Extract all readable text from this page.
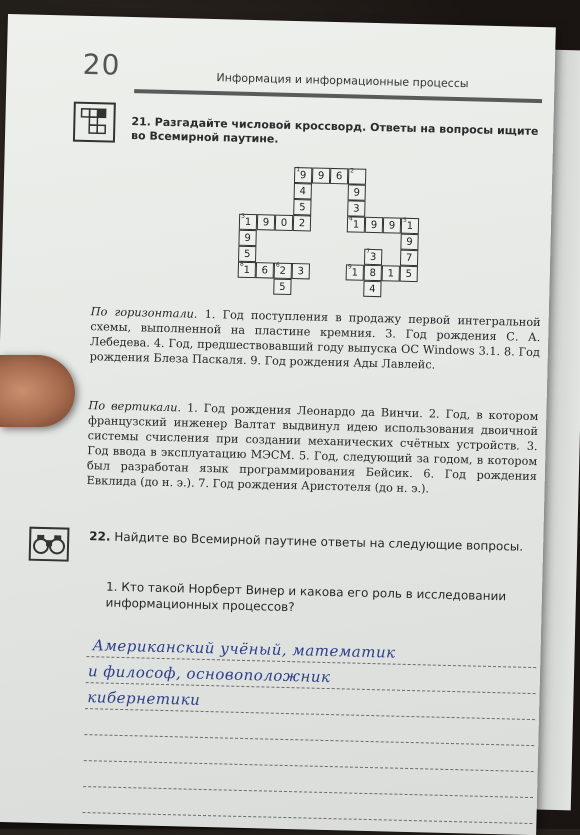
20	Информация и информационные процессы
21. Разгадайте числовой кроссворд. Ответы на вопросы ищите во Всемирной паутине.
1
9	9	6
2
4	9
5	3
2
3
1	9	0	4
1	9	9
5
1
9	9
5	7
3	7
8
1	6
6
2	3	9
1	8	1	5
5	4
По горизонтали. 1. Год поступления в продажу первой интегральной схемы, выполненной на пластине кремния. 3. Год рождения С. А. Лебедева. 4. Год, предшествовавший году выпуска ОС Windows 3.1. 8. Год рождения Блеза Паскаля. 9. Год рождения Ады Лавлейс.
По вертикали. 1. Год рождения Леонардо да Винчи. 2. Год, в котором французский инженер Валтат выдвинул идею использования двоичной системы счисления при создании механических счётных устройств. 3. Год ввода в эксплуатацию МЭСМ. 5. Год, следующий за годом, в котором был разработан язык программирования Бейсик. 6. Год рождения Евклида (до н. э.). 7. Год рождения Аристотеля (до н. э.).
22. Найдите во Всемирной паутине ответы на следующие вопросы.
1. Кто такой Норберт Винер и какова его роль в исследовании информационных процессов?
Американский учёный, математик
и философ, основоположник
кибернетики
